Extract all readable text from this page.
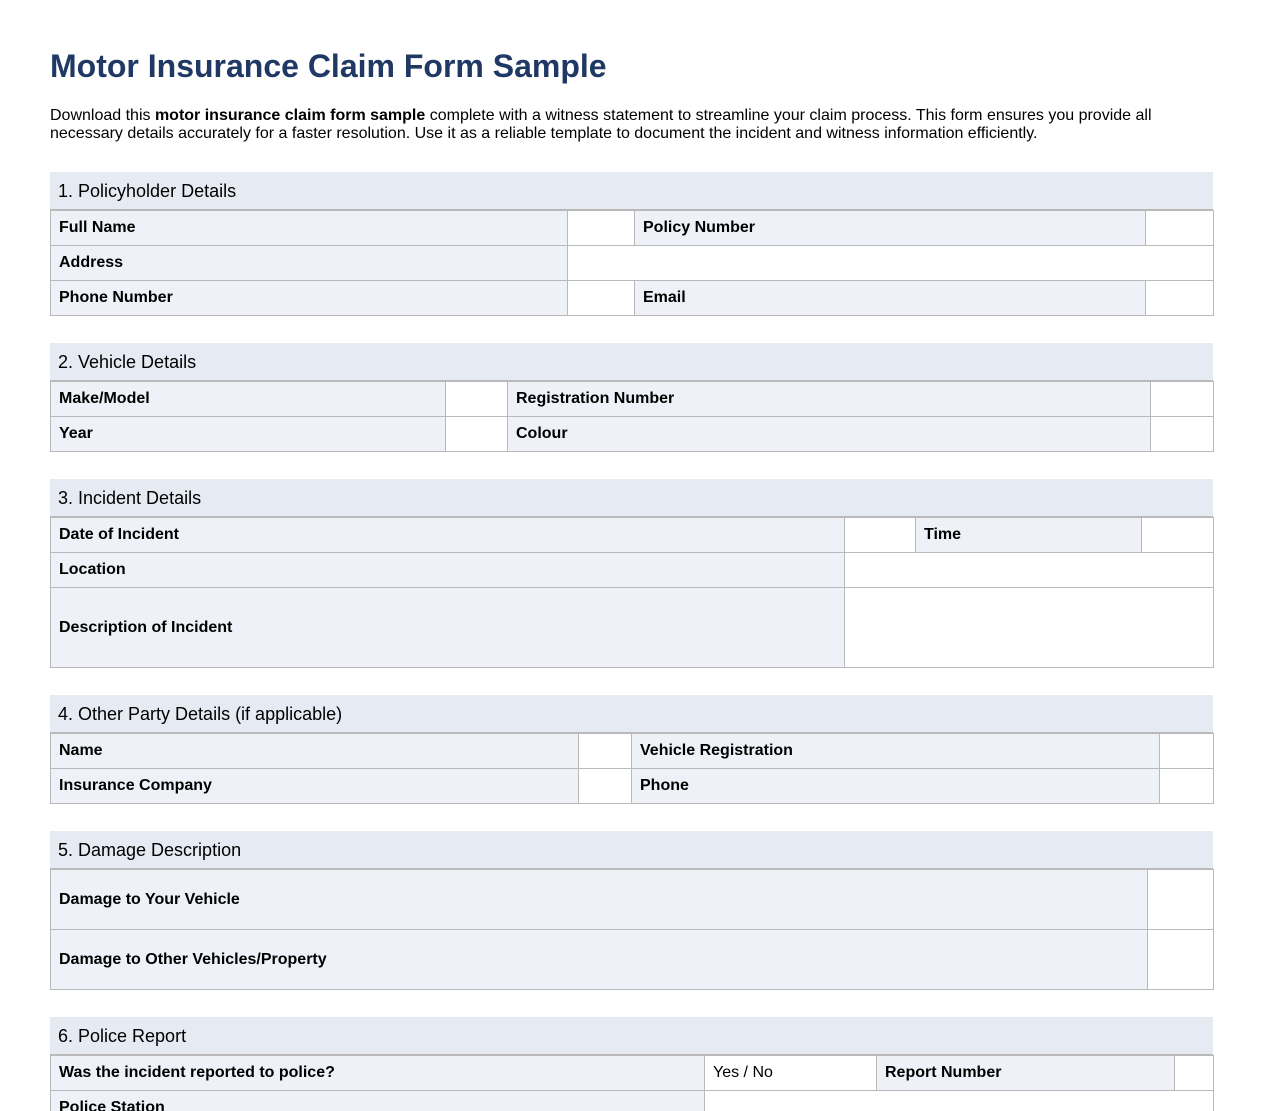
Motor Insurance Claim Form Sample

Download this motor insurance claim form sample complete with a witness statement to streamline your claim process. This form ensures you provide all necessary details accurately for a faster resolution. Use it as a reliable template to document the incident and witness information efficiently.

1. Policyholder Details
Full Name		Policy Number	
Address			
Phone Number		Email	
2. Vehicle Details
Make/Model		Registration Number	
Year		Colour	
3. Incident Details
Date of Incident		Time	
Location			
Description of Incident			
4. Other Party Details (if applicable)
Name		Vehicle Registration	
Insurance Company		Phone	
5. Damage Description
Damage to Your Vehicle	
Damage to Other Vehicles/Property	
6. Police Report
Was the incident reported to police?	Yes / No	Report Number	
Police Station			
